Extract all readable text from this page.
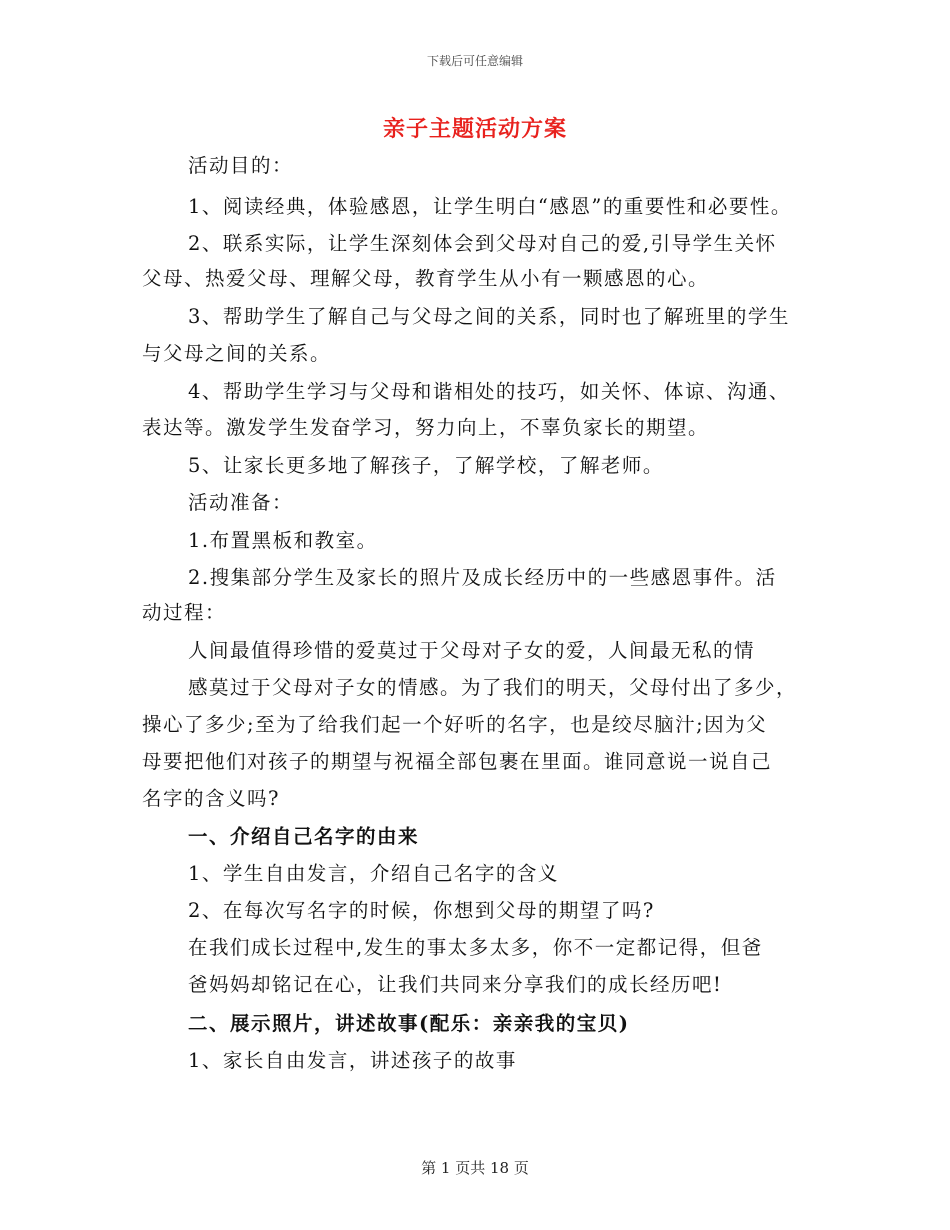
下载后可任意编辑
亲子主题活动方案
活动目的：
1、阅读经典，体验感恩，让学生明白“感恩”的重要性和必要性。
2、联系实际，让学生深刻体会到父母对自己的爱,引导学生关怀
父母、热爱父母、理解父母，教育学生从小有一颗感恩的心。
3、帮助学生了解自己与父母之间的关系，同时也了解班里的学生
与父母之间的关系。
4、帮助学生学习与父母和谐相处的技巧，如关怀、体谅、沟通、
表达等。激发学生发奋学习，努力向上，不辜负家长的期望。
5、让家长更多地了解孩子，了解学校，了解老师。
活动准备：
1.布置黑板和教室。
2.搜集部分学生及家长的照片及成长经历中的一些感恩事件。活
动过程：
人间最值得珍惜的爱莫过于父母对子女的爱，人间最无私的情
感莫过于父母对子女的情感。为了我们的明天，父母付出了多少，
操心了多少;至为了给我们起一个好听的名字，也是绞尽脑汁;因为父
母要把他们对孩子的期望与祝福全部包裹在里面。谁同意说一说自己
名字的含义吗?
一、介绍自己名字的由来
1、学生自由发言，介绍自己名字的含义
2、在每次写名字的时候，你想到父母的期望了吗?
在我们成长过程中,发生的事太多太多，你不一定都记得，但爸
爸妈妈却铭记在心，让我们共同来分享我们的成长经历吧!
二、展示照片，讲述故事(配乐：亲亲我的宝贝)
1、家长自由发言，讲述孩子的故事
第 1 页共 18 页
